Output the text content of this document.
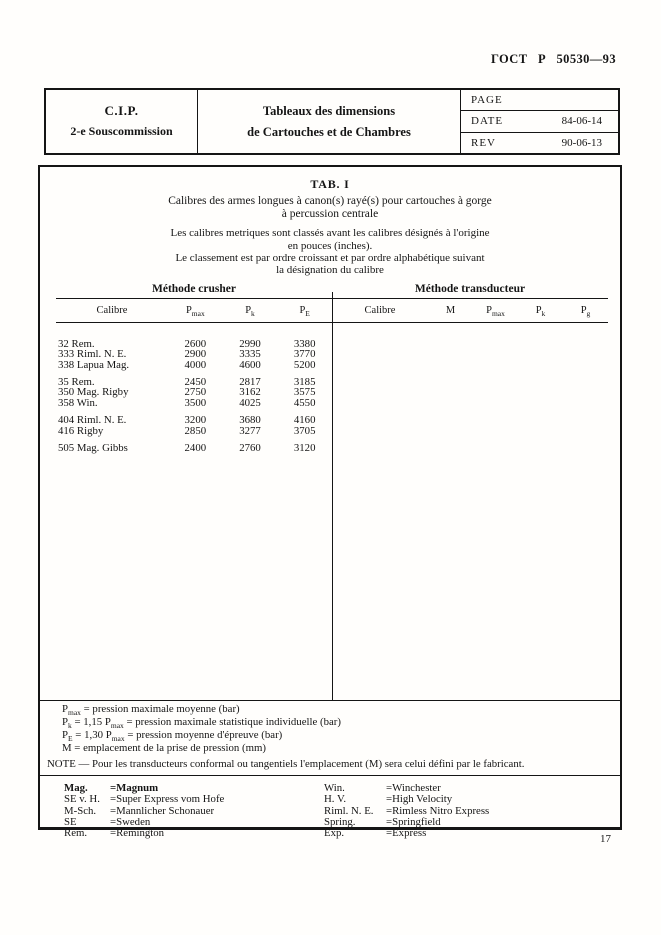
ГОСТ Р 50530—93
C.I.P.
2-e Souscommission
Tableaux des dimensions
de Cartouches et de Chambres
PAGE
DATE	84-06-14
REV	90-06-13
TAB. I
Calibres des armes longues à canon(s) rayé(s) pour cartouches à gorge
à percussion centrale
Les calibres metriques sont classés avant les calibres désignés à l'origine
en pouces (inches).
Le classement est par ordre croissant et par ordre alphabétique suivant
la désignation du calibre
Méthode crusher	Méthode transducteur
Calibre	$P_{max}$	$P_k$	$P_E$	Calibre	M	$P_{max}$	$P_k$	$P_g$
32 Rem.	2600	2990	3380
333 Riml. N. E.	2900	3335	3770
338 Lapua Mag.	4000	4600	5200
35 Rem.	2450	2817	3185
350 Mag. Rigby	2750	3162	3575
358 Win.	3500	4025	4550
404 Riml. N. E.	3200	3680	4160
416 Rigby	2850	3277	3705
505 Mag. Gibbs	2400	2760	3120
$P_{max}$ = pression maximale moyenne (bar)
$P_k = 1,15$ $P_{max}$ = pression maximale statistique individuelle (bar)
$P_E = 1,30$ $P_{max}$ = pression moyenne d'épreuve (bar)
M = emplacement de la prise de pression (mm)
NOTE — Pour les transducteurs conformal ou tangentiels l'emplacement (M) sera celui défini par le fabricant.
Mag.	=Magnum
SE v. H. =Super Express vom Hofe
M-Sch.	=Mannlicher Schonauer
SE	=Sweden
Rem.	=Remington
Win.	=Winchester
H. V.	=High Velocity
Riml. N. E.	=Rimless Nitro Express
Spring.	=Springfield
Exp.	=Express	17
